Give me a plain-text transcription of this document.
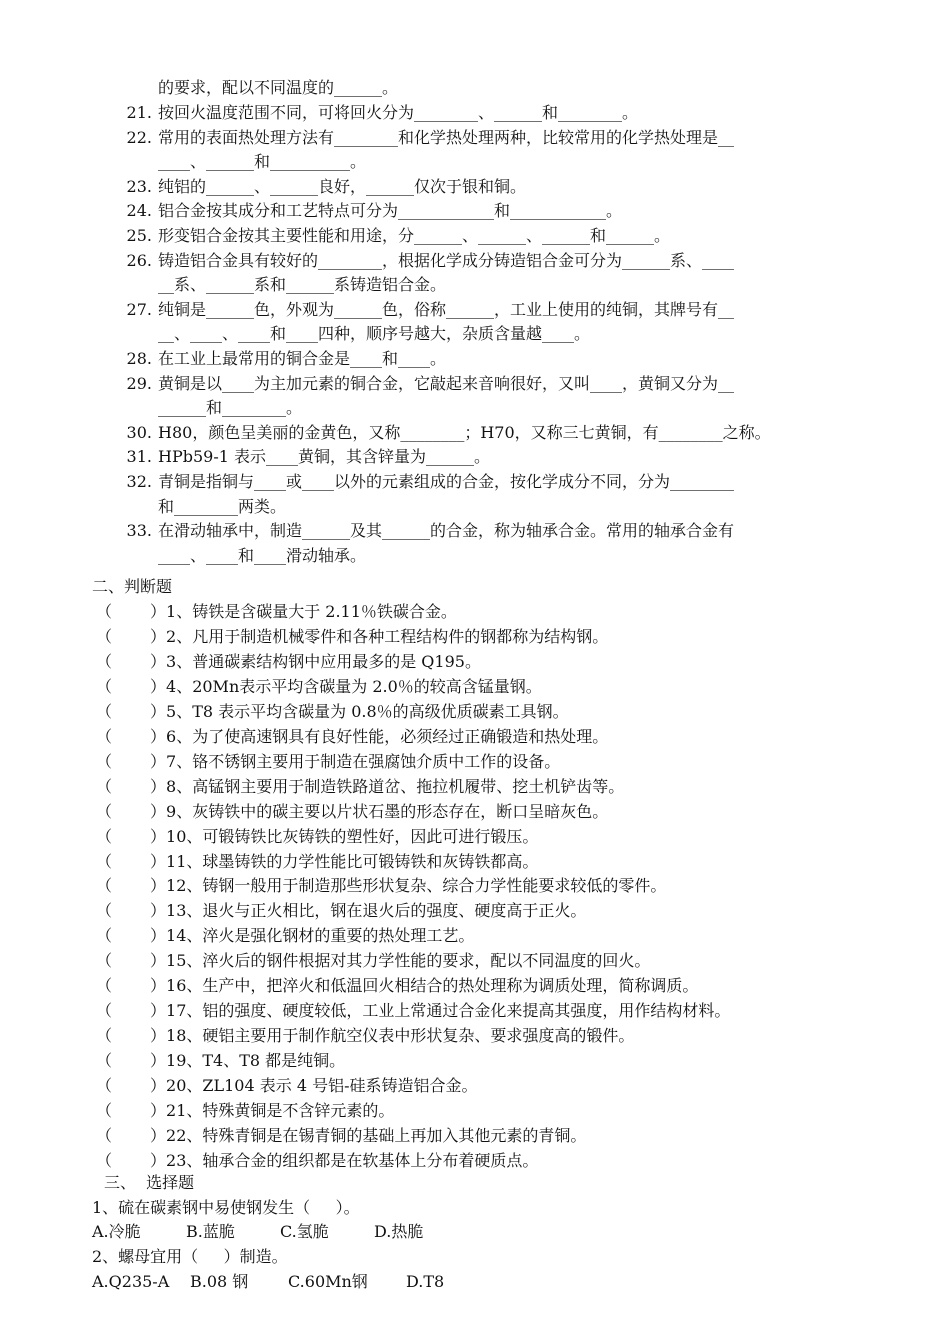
的要求，配以不同温度的______。
21. 按回火温度范围不同，可将回火分为________、______和________。
22. 常用的表面热处理方法有________和化学热处理两种，比较常用的化学热处理是__
____、______和__________。
23. 纯铝的______、______良好，______仅次于银和铜。
24. 铝合金按其成分和工艺特点可分为____________和____________。
25. 形变铝合金按其主要性能和用途，分______、______、______和______。
26. 铸造铝合金具有较好的________，根据化学成分铸造铝合金可分为______系、____
__系、______系和______系铸造铝合金。
27. 纯铜是______色，外观为______色，俗称______，工业上使用的纯铜，其牌号有__
__、____、____和____四种，顺序号越大，杂质含量越____。
28. 在工业上最常用的铜合金是____和____。
29. 黄铜是以____为主加元素的铜合金，它敲起来音响很好，又叫____，黄铜又分为__
______和________。
30. H80，颜色呈美丽的金黄色，又称________；H70，又称三七黄铜，有________之称。
31. HPb59-1 表示____黄铜，其含锌量为______。
32. 青铜是指铜与____或____以外的元素组成的合金，按化学成分不同，分为________
和________两类。
33. 在滑动轴承中，制造______及其______的合金，称为轴承合金。常用的轴承合金有
____、____和____滑动轴承。
二、判断题
（ ）1、铸铁是含碳量大于 2.11％铁碳合金。
（ ）2、凡用于制造机械零件和各种工程结构件的钢都称为结构钢。
（ ）3、普通碳素结构钢中应用最多的是 Q195。
（ ）4、20Mn表示平均含碳量为 2.0％的较高含锰量钢。
（ ）5、T8 表示平均含碳量为 0.8％的高级优质碳素工具钢。
（ ）6、为了使高速钢具有良好性能，必须经过正确锻造和热处理。
（ ）7、铬不锈钢主要用于制造在强腐蚀介质中工作的设备。
（ ）8、高锰钢主要用于制造铁路道岔、拖拉机履带、挖土机铲齿等。
（ ）9、灰铸铁中的碳主要以片状石墨的形态存在，断口呈暗灰色。
（ ）10、可锻铸铁比灰铸铁的塑性好，因此可进行锻压。
（ ）11、球墨铸铁的力学性能比可锻铸铁和灰铸铁都高。
（ ）12、铸钢一般用于制造那些形状复杂、综合力学性能要求较低的零件。
（ ）13、退火与正火相比，钢在退火后的强度、硬度高于正火。
（ ）14、淬火是强化钢材的重要的热处理工艺。
（ ）15、淬火后的钢件根据对其力学性能的要求，配以不同温度的回火。
（ ）16、生产中，把淬火和低温回火相结合的热处理称为调质处理，简称调质。
（ ）17、铝的强度、硬度较低，工业上常通过合金化来提高其强度，用作结构材料。
（ ）18、硬铝主要用于制作航空仪表中形状复杂、要求强度高的锻件。
（ ）19、T4、T8 都是纯铜。
（ ）20、ZL104 表示 4 号铝-硅系铸造铝合金。
（ ）21、特殊黄铜是不含锌元素的。
（ ）22、特殊青铜是在锡青铜的基础上再加入其他元素的青铜。
（ ）23、轴承合金的组织都是在软基体上分布着硬质点。
三、  选择题
1、硫在碳素钢中易使钢发生（     ）。
A.冷脆	B.蓝脆	C.氢脆	D.热脆
2、螺母宜用（     ）制造。
A.Q235-A B.08 钢 C.60Mn钢 D.T8
